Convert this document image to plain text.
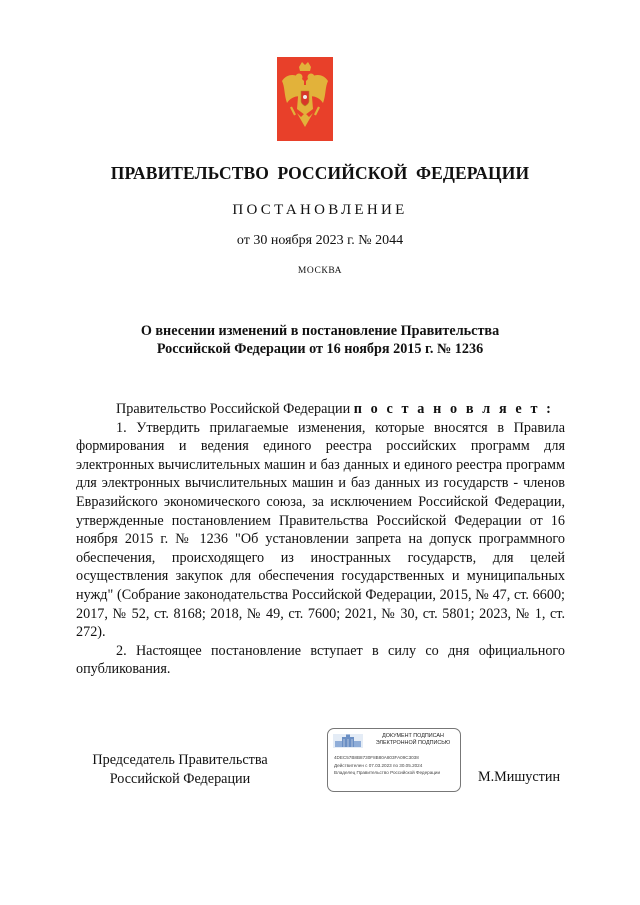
ПРАВИТЕЛЬСТВО РОССИЙСКОЙ ФЕДЕРАЦИИ
ПОСТАНОВЛЕНИЕ
от 30 ноября 2023 г. № 2044
МОСКВА
О внесении изменений в постановление Правительства
Российской Федерации от 16 ноября 2015 г. № 1236

Правительство Российской Федерации п о с т а н о в л я е т :

1. Утвердить прилагаемые изменения, которые вносятся в Правила формирования и ведения единого реестра российских программ для электронных вычислительных машин и баз данных и единого реестра программ для электронных вычислительных машин и баз данных из государств - членов Евразийского экономического союза, за исключением Российской Федерации, утвержденные постановлением Правительства Российской Федерации от 16 ноября 2015 г. № 1236 "Об установлении запрета на допуск программного обеспечения, происходящего из иностранных государств, для целей осуществления закупок для обеспечения государственных и муниципальных нужд" (Собрание законодательства Российской Федерации, 2015, № 47, ст. 6600; 2017, № 52, ст. 8168; 2018, № 49, ст. 7600; 2021, № 30, ст. 5801; 2023, № 1, ст. 272).

2. Настоящее постановление вступает в силу со дня официального опубликования.

Председатель Правительства
Российской Федерации
ДОКУМЕНТ ПОДПИСАН
ЭЛЕКТРОННОЙ ПОДПИСЬЮ
4DEC57B8B8730F8B80A803FA09C3038
Действителен с 07.03.2023 по 30.05.2024
Владелец Правительство Российской Федерации	М.Мишустин
